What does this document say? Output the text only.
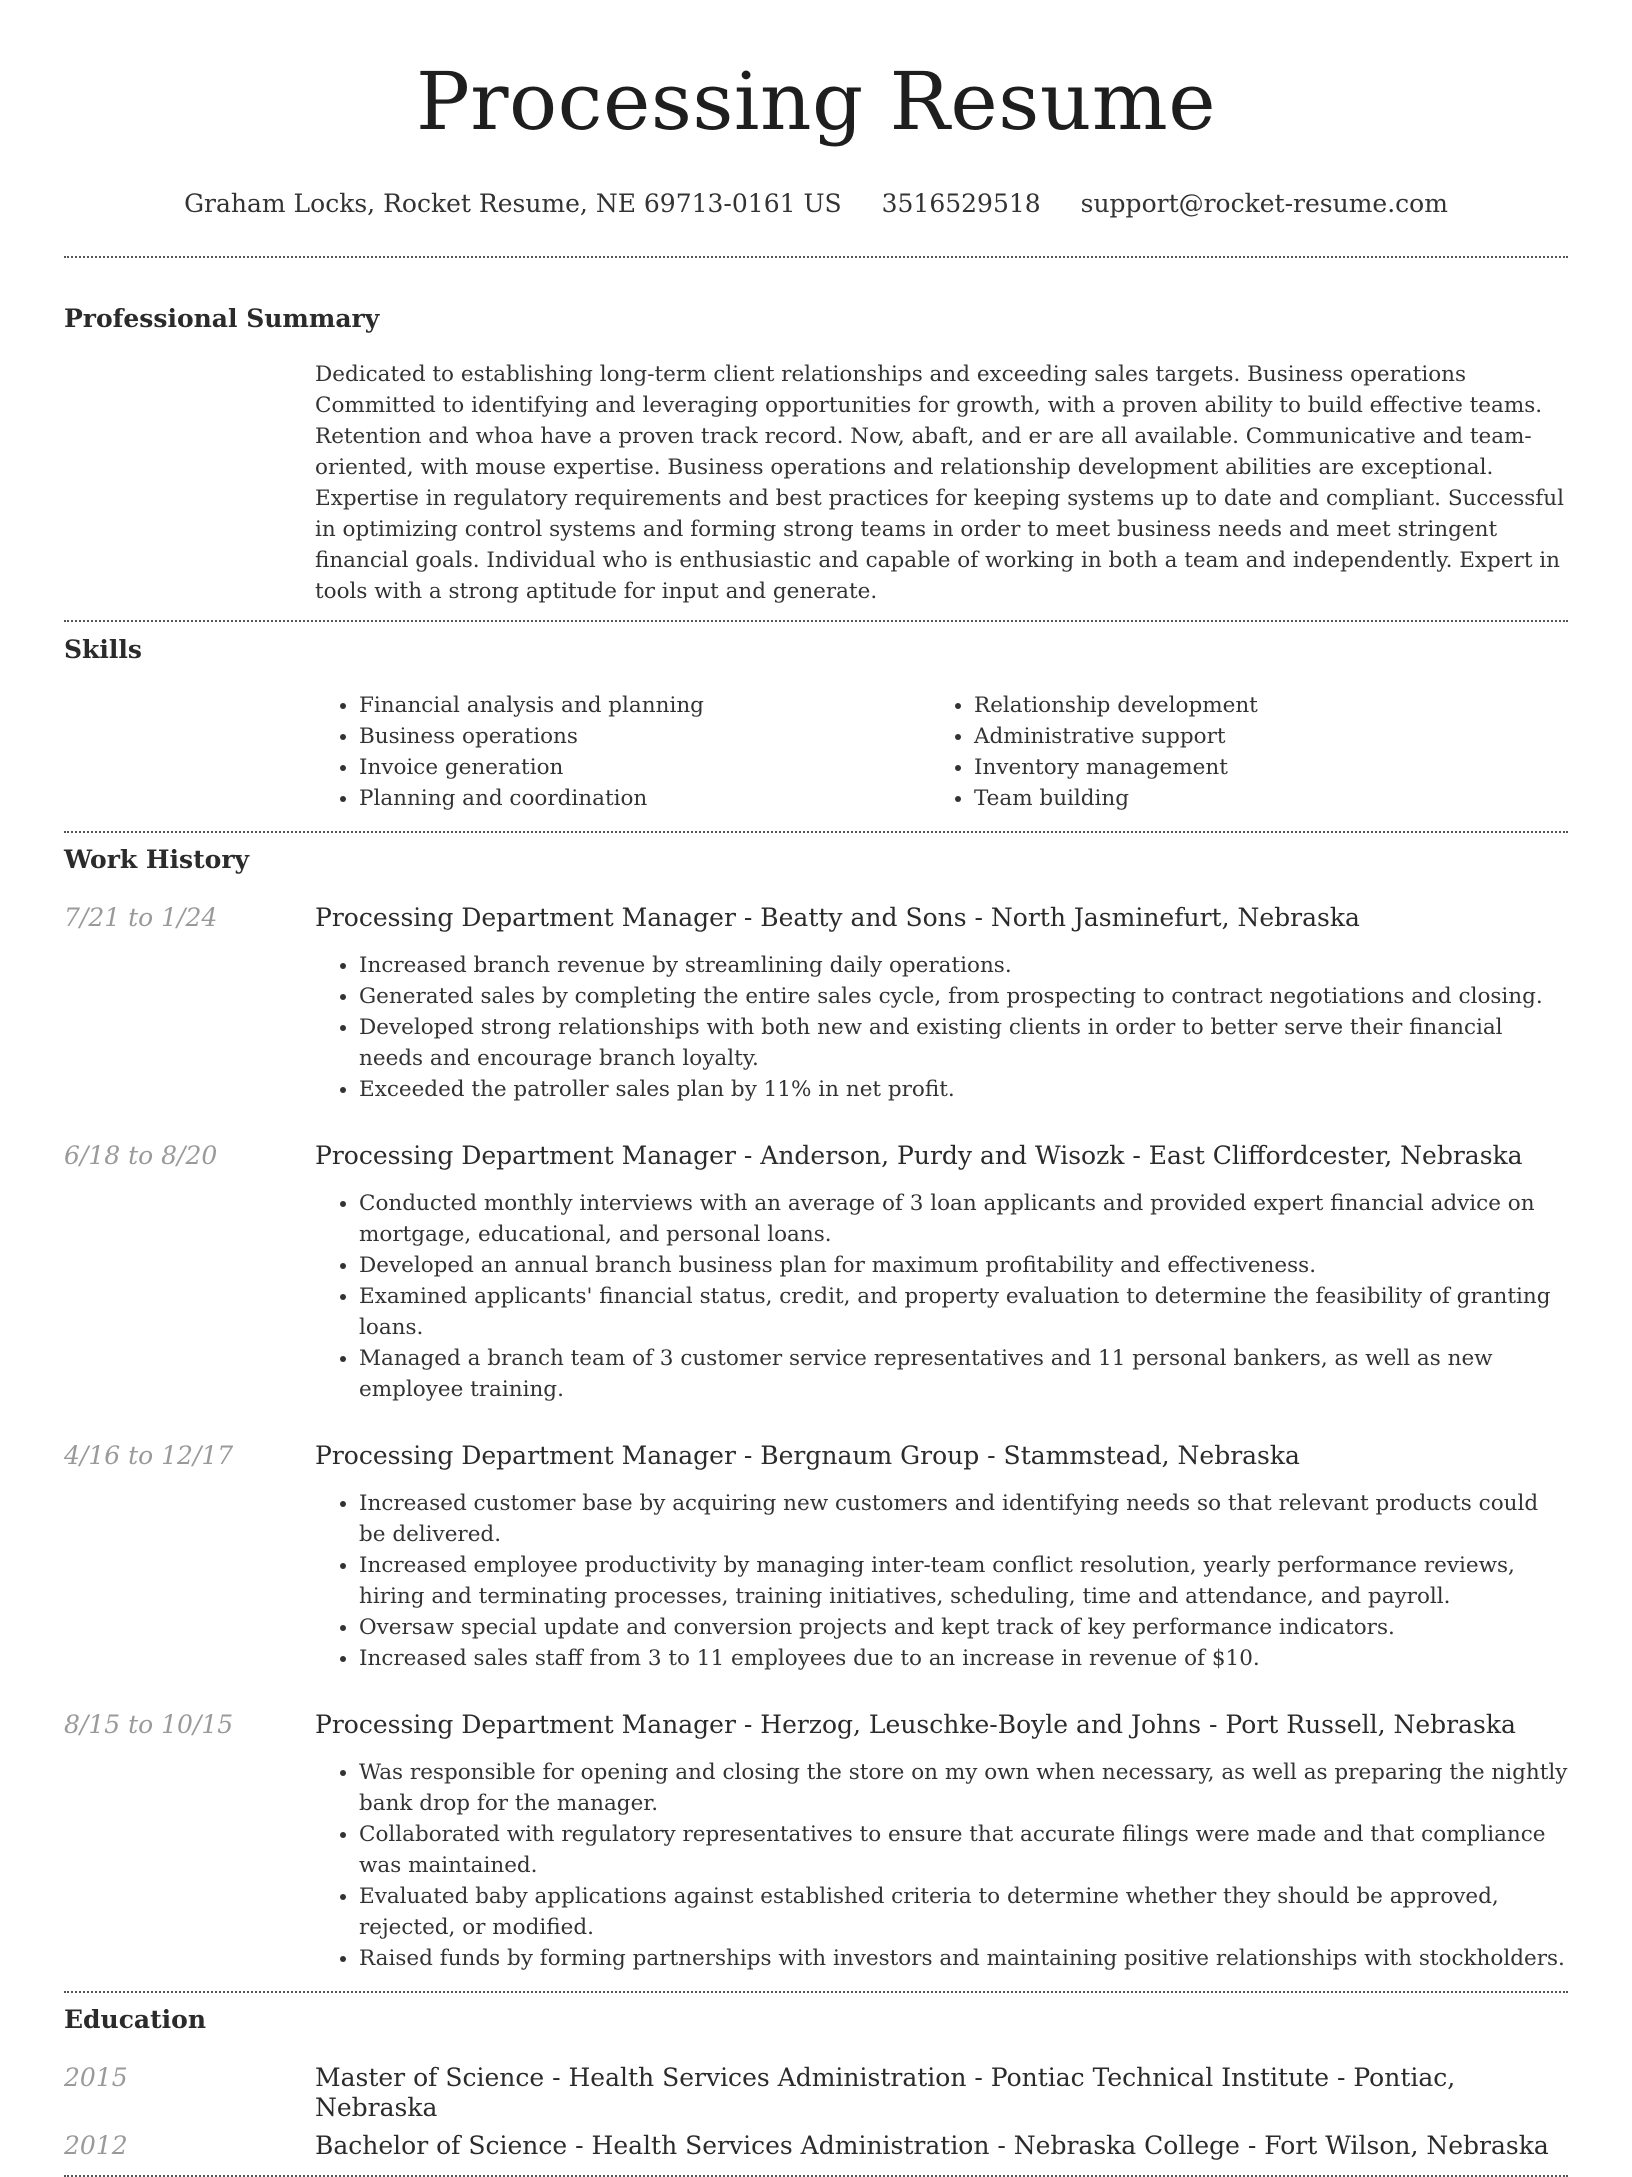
Processing Resume
Graham Locks, Rocket Resume, NE 69713-0161 US 3516529518 support@rocket-resume.com
Professional Summary

Dedicated to establishing long-term client relationships and exceeding sales targets. Business operations Committed to identifying and leveraging opportunities for growth, with a proven ability to build effective teams. Retention and whoa have a proven track record. Now, abaft, and er are all available. Communicative and team-oriented, with mouse expertise. Business operations and relationship development abilities are exceptional. Expertise in regulatory requirements and best practices for keeping systems up to date and compliant. Successful in optimizing control systems and forming strong teams in order to meet business needs and meet stringent financial goals. Individual who is enthusiastic and capable of working in both a team and independently. Expert in tools with a strong aptitude for input and generate.

Skills
• Financial analysis and planning
• Business operations
• Invoice generation
• Planning and coordination
• Relationship development
• Administrative support
• Inventory management
• Team building
Work History
7/21 to 1/24	Processing Department Manager - Beatty and Sons - North Jasminefurt, Nebraska
• Increased branch revenue by streamlining daily operations.
• Generated sales by completing the entire sales cycle, from prospecting to contract negotiations and closing.
• Developed strong relationships with both new and existing clients in order to better serve their financial needs and encourage branch loyalty.
• Exceeded the patroller sales plan by 11% in net profit.
6/18 to 8/20	Processing Department Manager - Anderson, Purdy and Wisozk - East Cliffordcester, Nebraska
• Conducted monthly interviews with an average of 3 loan applicants and provided expert financial advice on mortgage, educational, and personal loans.
• Developed an annual branch business plan for maximum profitability and effectiveness.
• Examined applicants' financial status, credit, and property evaluation to determine the feasibility of granting loans.
• Managed a branch team of 3 customer service representatives and 11 personal bankers, as well as new employee training.
4/16 to 12/17	Processing Department Manager - Bergnaum Group - Stammstead, Nebraska
• Increased customer base by acquiring new customers and identifying needs so that relevant products could be delivered.
• Increased employee productivity by managing inter-team conflict resolution, yearly performance reviews, hiring and terminating processes, training initiatives, scheduling, time and attendance, and payroll.
• Oversaw special update and conversion projects and kept track of key performance indicators.
• Increased sales staff from 3 to 11 employees due to an increase in revenue of $10.
8/15 to 10/15	Processing Department Manager - Herzog, Leuschke-Boyle and Johns - Port Russell, Nebraska
• Was responsible for opening and closing the store on my own when necessary, as well as preparing the nightly bank drop for the manager.
• Collaborated with regulatory representatives to ensure that accurate filings were made and that compliance was maintained.
• Evaluated baby applications against established criteria to determine whether they should be approved, rejected, or modified.
• Raised funds by forming partnerships with investors and maintaining positive relationships with stockholders.
Education
2015	Master of Science - Health Services Administration - Pontiac Technical Institute - Pontiac, Nebraska
2012	Bachelor of Science - Health Services Administration - Nebraska College - Fort Wilson, Nebraska
